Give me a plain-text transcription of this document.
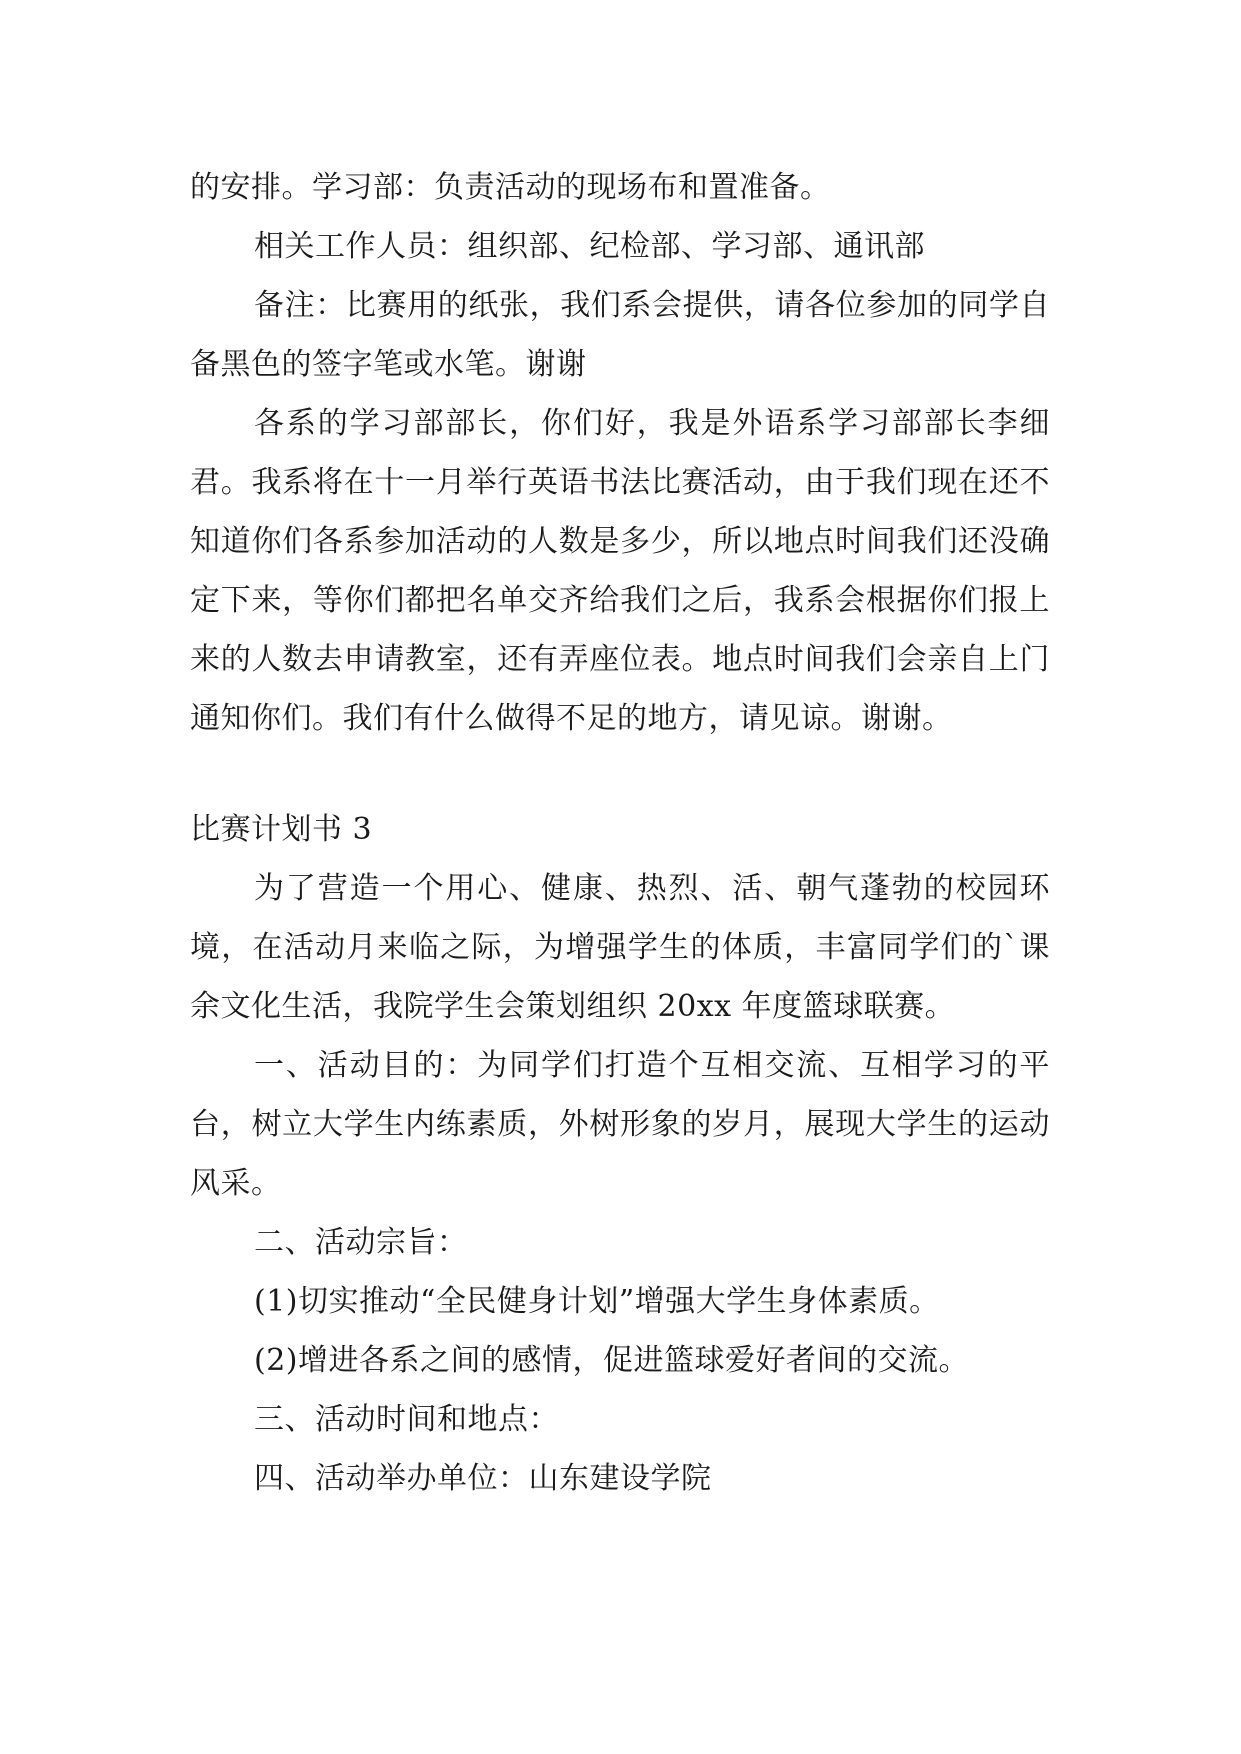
的安排。学习部：负责活动的现场布和置准备。

相关工作人员：组织部、纪检部、学习部、通讯部

备注：比赛用的纸张，我们系会提供，请各位参加的同学自备黑色的签字笔或水笔。谢谢

各系的学习部部长，你们好，我是外语系学习部部长李细君。我系将在十一月举行英语书法比赛活动，由于我们现在还不知道你们各系参加活动的人数是多少，所以地点时间我们还没确定下来，等你们都把名单交齐给我们之后，我系会根据你们报上来的人数去申请教室，还有弄座位表。地点时间我们会亲自上门通知你们。我们有什么做得不足的地方，请见谅。谢谢。

比赛计划书 3

为了营造一个用心、健康、热烈、活、朝气蓬勃的校园环境，在活动月来临之际，为增强学生的体质，丰富同学们的`课余文化生活，我院学生会策划组织 20xx 年度篮球联赛。

一、活动目的：为同学们打造个互相交流、互相学习的平台，树立大学生内练素质，外树形象的岁月，展现大学生的运动风采。

二、活动宗旨：

(1)切实推动“全民健身计划”增强大学生身体素质。

(2)增进各系之间的感情，促进篮球爱好者间的交流。

三、活动时间和地点：

四、活动举办单位：山东建设学院
